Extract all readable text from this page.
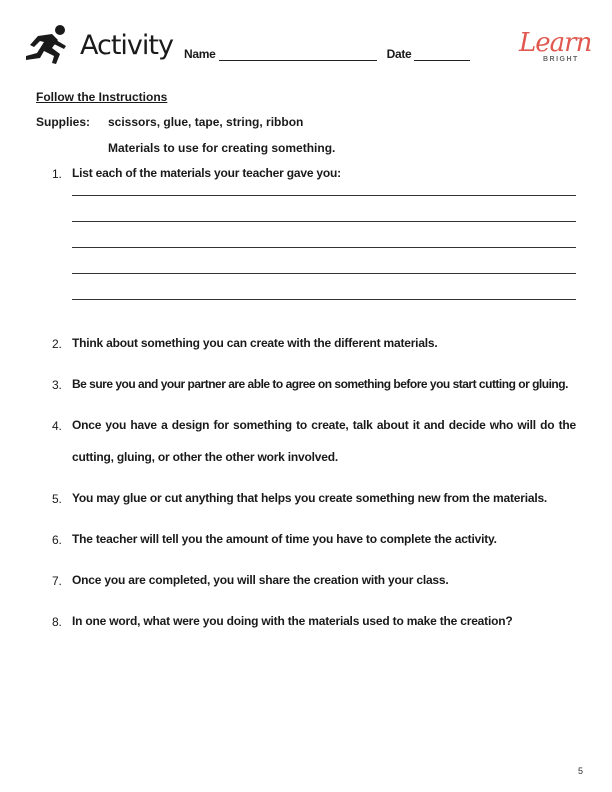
Activity Name	Date	Learn
BRIGHT
Follow the Instructions
Supplies: scissors, glue, tape, string, ribbon
Materials to use for creating something.
1. List each of the materials your teacher gave you:
2. Think about something you can create with the different materials.
3. Be sure you and your partner are able to agree on something before you start cutting or gluing.
4. Once you have a design for something to create, talk about it and decide who will do the cutting, gluing, or other the other work involved.
5. You may glue or cut anything that helps you create something new from the materials.
6. The teacher will tell you the amount of time you have to complete the activity.
7. Once you are completed, you will share the creation with your class.
8. In one word, what were you doing with the materials used to make the creation?
5
